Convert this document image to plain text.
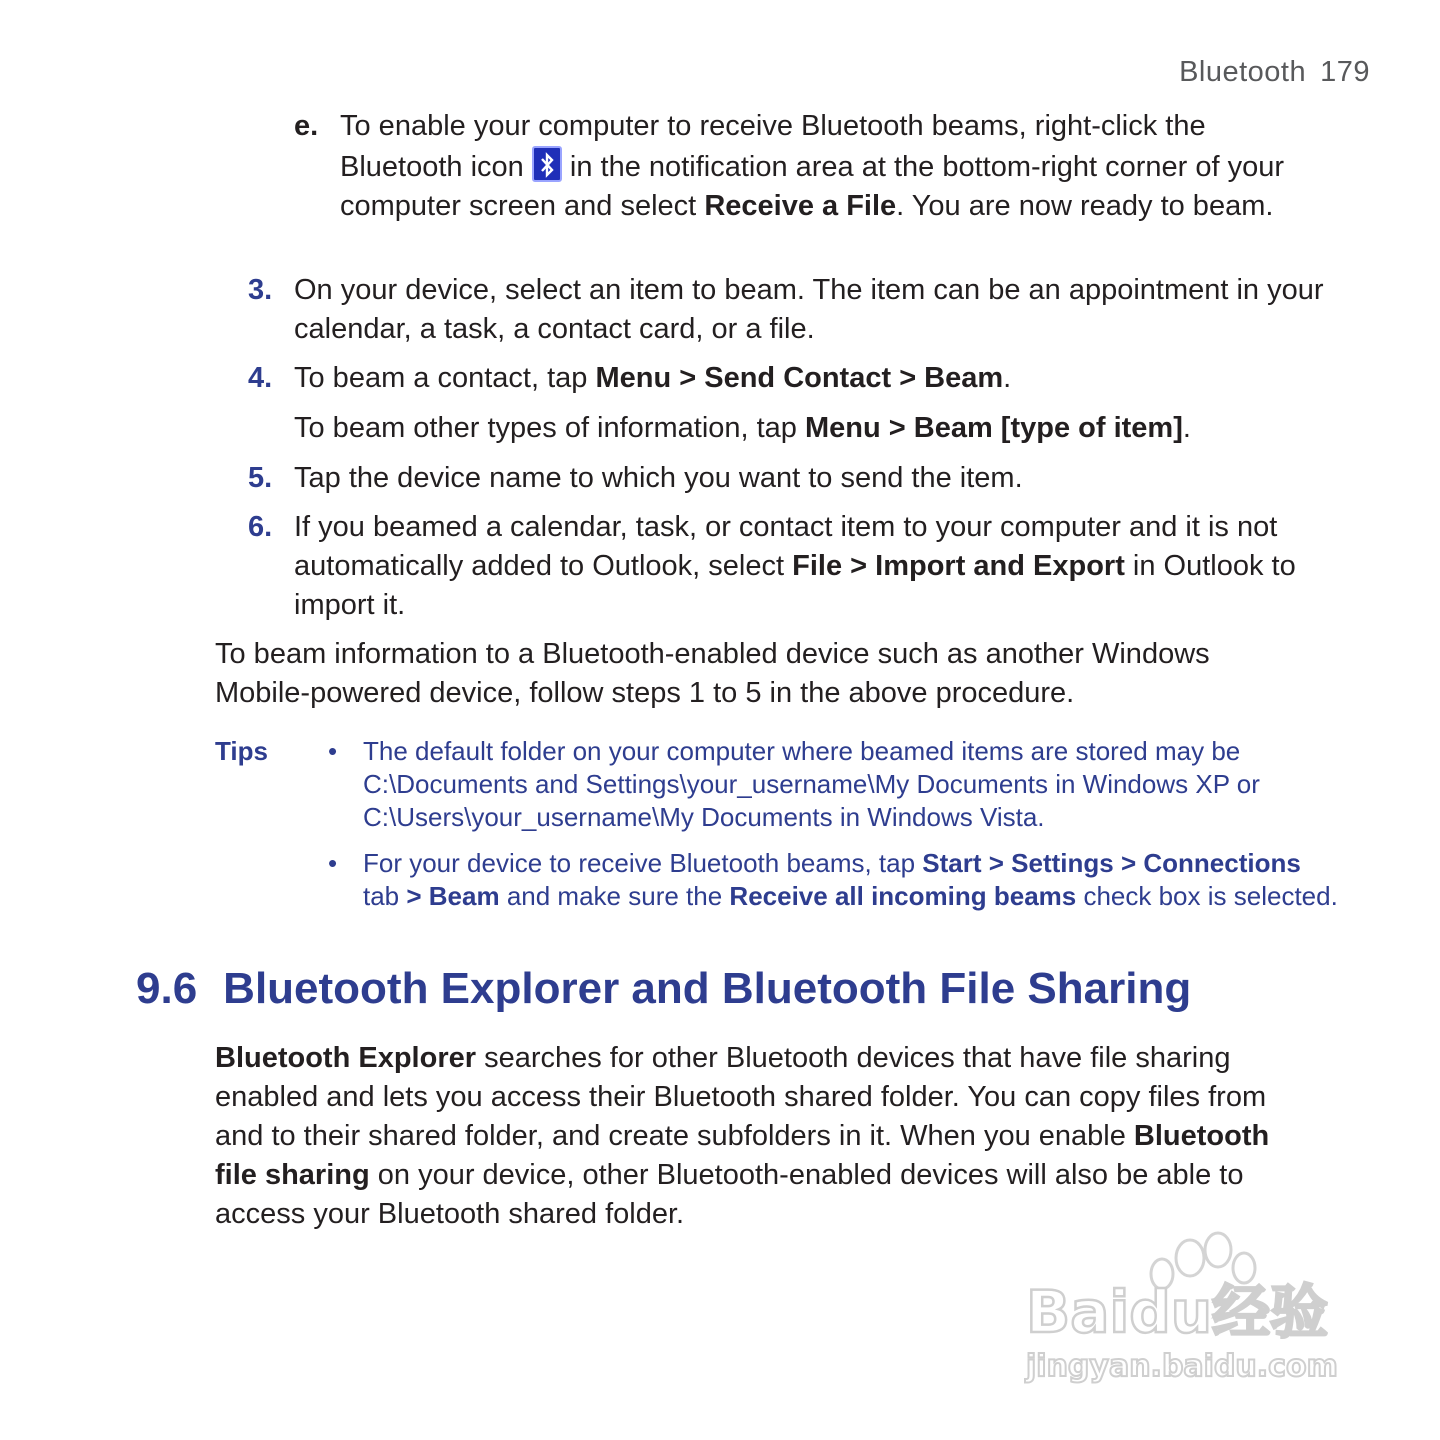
Bluetooth 179
e. To enable your computer to receive Bluetooth beams, right-click the Bluetooth icon
in the notification area at the bottom-right corner of your computer screen and select Receive a File. You are now ready to beam.
3. On your device, select an item to beam. The item can be an appointment in your calendar, a task, a contact card, or a file.
4. To beam a contact, tap Menu > Send Contact > Beam.
To beam other types of information, tap Menu > Beam [type of item].
5. Tap the device name to which you want to send the item.
6. If you beamed a calendar, task, or contact item to your computer and it is not automatically added to Outlook, select File > Import and Export in Outlook to import it.
To beam information to a Bluetooth-enabled device such as another Windows Mobile-powered device, follow steps 1 to 5 in the above procedure.
Tips • The default folder on your computer where beamed items are stored may be C:\Documents and Settings\your_username\My Documents in Windows XP or C:\Users\your_username\My Documents in Windows Vista.
• For your device to receive Bluetooth beams, tap Start > Settings > Connections tab > Beam and make sure the Receive all incoming beams check box is selected.
9.6 Bluetooth Explorer and Bluetooth File Sharing
Bluetooth Explorer searches for other Bluetooth devices that have file sharing enabled and lets you access their Bluetooth shared folder. You can copy files from and to their shared folder, and create subfolders in it. When you enable Bluetooth file sharing on your device, other Bluetooth-enabled devices will also be able to access your Bluetooth shared folder.
Baidu经验
jingyan.baidu.com
